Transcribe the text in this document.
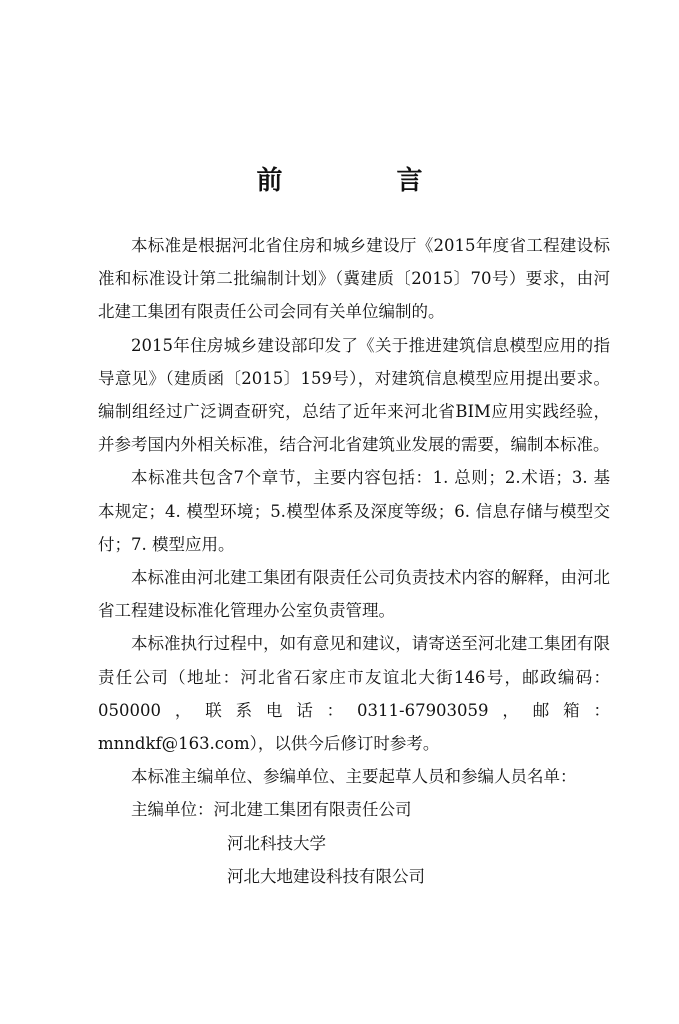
前　言

本标准是根据河北省住房和城乡建设厅《2015年度省工程建设标准和标准设计第二批编制计划》（冀建质〔2015〕70号）要求，由河北建工集团有限责任公司会同有关单位编制的。

2015年住房城乡建设部印发了《关于推进建筑信息模型应用的指导意见》（建质函〔2015〕159号），对建筑信息模型应用提出要求。编制组经过广泛调查研究，总结了近年来河北省BIM应用实践经验，并参考国内外相关标准，结合河北省建筑业发展的需要，编制本标准。

本标准共包含7个章节，主要内容包括：1. 总则；2.术语；3. 基本规定；4. 模型环境；5.模型体系及深度等级；6. 信息存储与模型交付；7. 模型应用。

本标准由河北建工集团有限责任公司负责技术内容的解释，由河北省工程建设标准化管理办公室负责管理。

本标准执行过程中，如有意见和建议，请寄送至河北建工集团有限责任公司（地址：河北省石家庄市友谊北大街146号，邮政编码：050000，联系电话：0311-67903059，邮箱：mnndkf@163.com），以供今后修订时参考。

本标准主编单位、参编单位、主要起草人员和参编人员名单：

主编单位：河北建工集团有限责任公司

河北科技大学

河北大地建设科技有限公司
